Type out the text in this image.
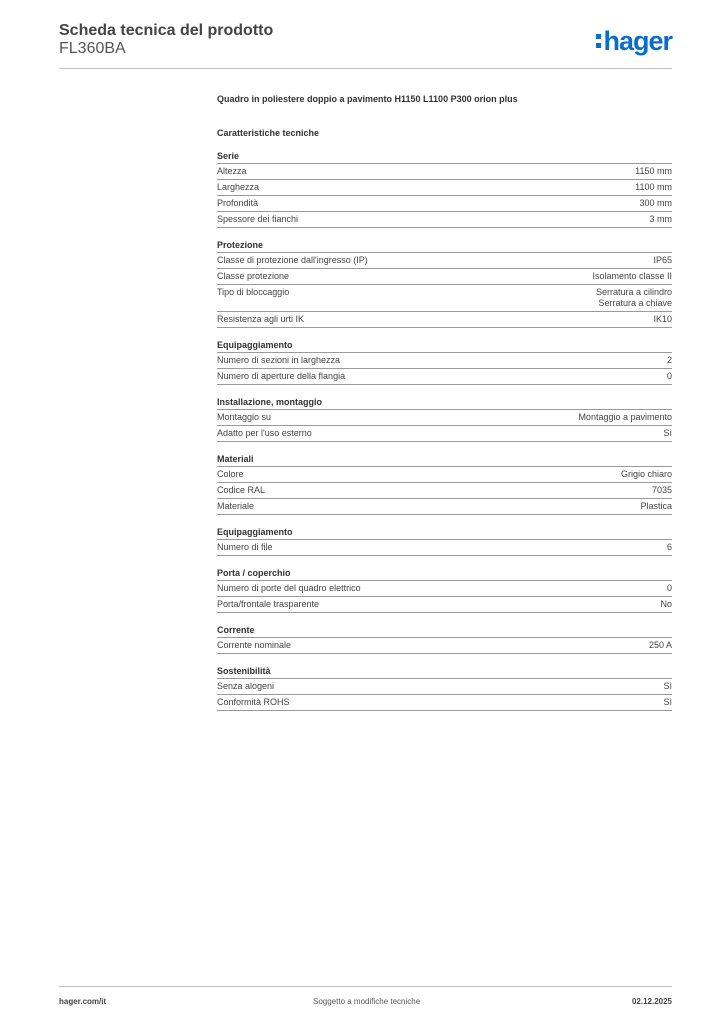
Scheda tecnica del prodotto
FL360BA	hager
Quadro in poliestere doppio a pavimento H1150 L1100 P300 orion plus
Caratteristiche tecniche
Serie
Altezza	1150 mm
Larghezza	1100 mm
Profondità	300 mm
Spessore dei fianchi	3 mm
Protezione
Classe di protezione dall'ingresso (IP)	IP65
Classe protezione	Isolamento classe II
Tipo di bloccaggio	Serratura a cilindro
Serratura a chiave
Resistenza agli urti IK	IK10
Equipaggiamento
Numero di sezioni in larghezza	2
Numero di aperture della flangia	0
Installazione, montaggio
Montaggio su	Montaggio a pavimento
Adatto per l'uso esterno	Sì
Materiali
Colore	Grigio chiaro
Codice RAL	7035
Materiale	Plastica
Equipaggiamento
Numero di file	6
Porta / coperchio
Numero di porte del quadro elettrico	0
Porta/frontale trasparente	No
Corrente
Corrente nominale	250 A
Sostenibilità
Senza alogeni	Sì
Conformità ROHS	Sì
hager.com/it	Soggetto a modifiche tecniche	02.12.2025
